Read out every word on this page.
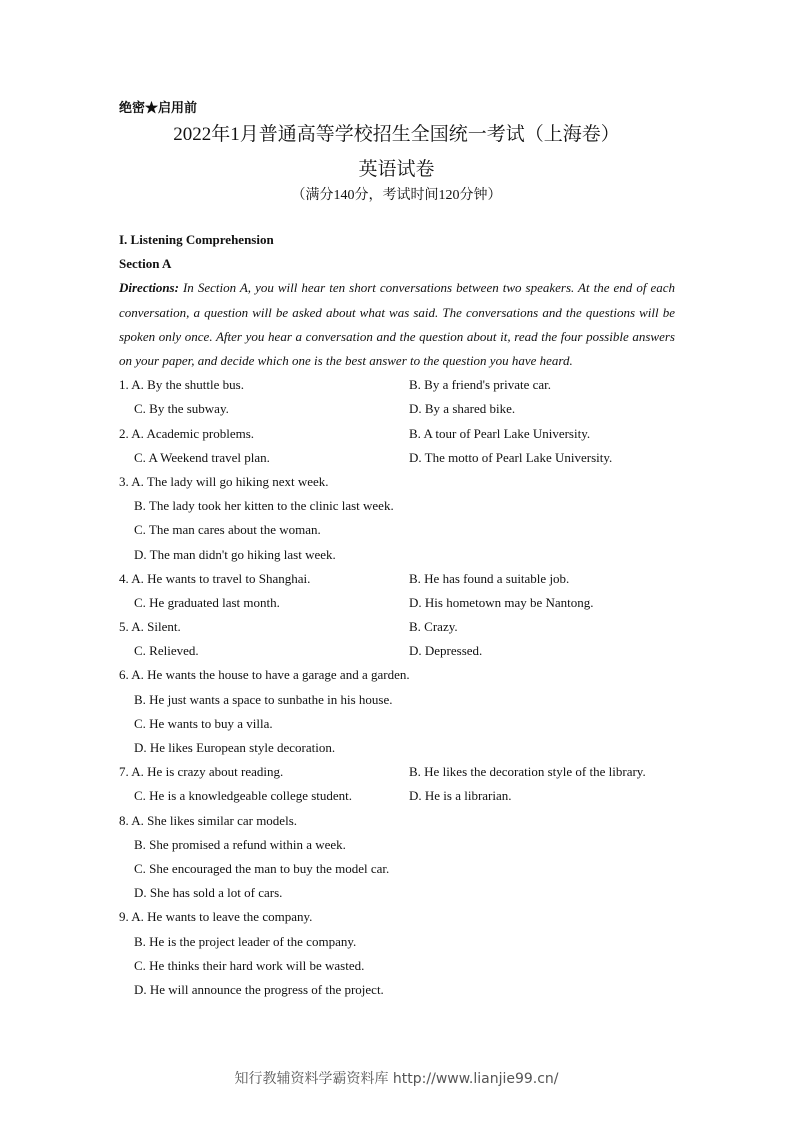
绝密★启用前
2022年1月普通高等学校招生全国统一考试（上海卷）
英语试卷
（满分140分，考试时间120分钟）
I. Listening Comprehension
Section A
Directions: In Section A, you will hear ten short conversations between two speakers. At the end of each conversation, a question will be asked about what was said. The conversations and the questions will be spoken only once. After you hear a conversation and the question about it, read the four possible answers on your paper, and decide which one is the best answer to the question you have heard.
1. A. By the shuttle bus.	B. By a friend's private car.
C. By the subway.	D. By a shared bike.
2. A. Academic problems.	B. A tour of Pearl Lake University.
C. A Weekend travel plan.	D. The motto of Pearl Lake University.
3. A. The lady will go hiking next week.
B. The lady took her kitten to the clinic last week.
C. The man cares about the woman.
D. The man didn't go hiking last week.
4. A. He wants to travel to Shanghai.	B. He has found a suitable job.
C. He graduated last month.	D. His hometown may be Nantong.
5. A. Silent.	B. Crazy.
C. Relieved.	D. Depressed.
6. A. He wants the house to have a garage and a garden.
B. He just wants a space to sunbathe in his house.
C. He wants to buy a villa.
D. He likes European style decoration.
7. A. He is crazy about reading.	B. He likes the decoration style of the library.
C. He is a knowledgeable college student.	D. He is a librarian.
8. A. She likes similar car models.
B. She promised a refund within a week.
C. She encouraged the man to buy the model car.
D. She has sold a lot of cars.
9. A. He wants to leave the company.
B. He is the project leader of the company.
C. He thinks their hard work will be wasted.
D. He will announce the progress of the project.
知行教辅资料学霸资料库 http://www.lianjie99.cn/
